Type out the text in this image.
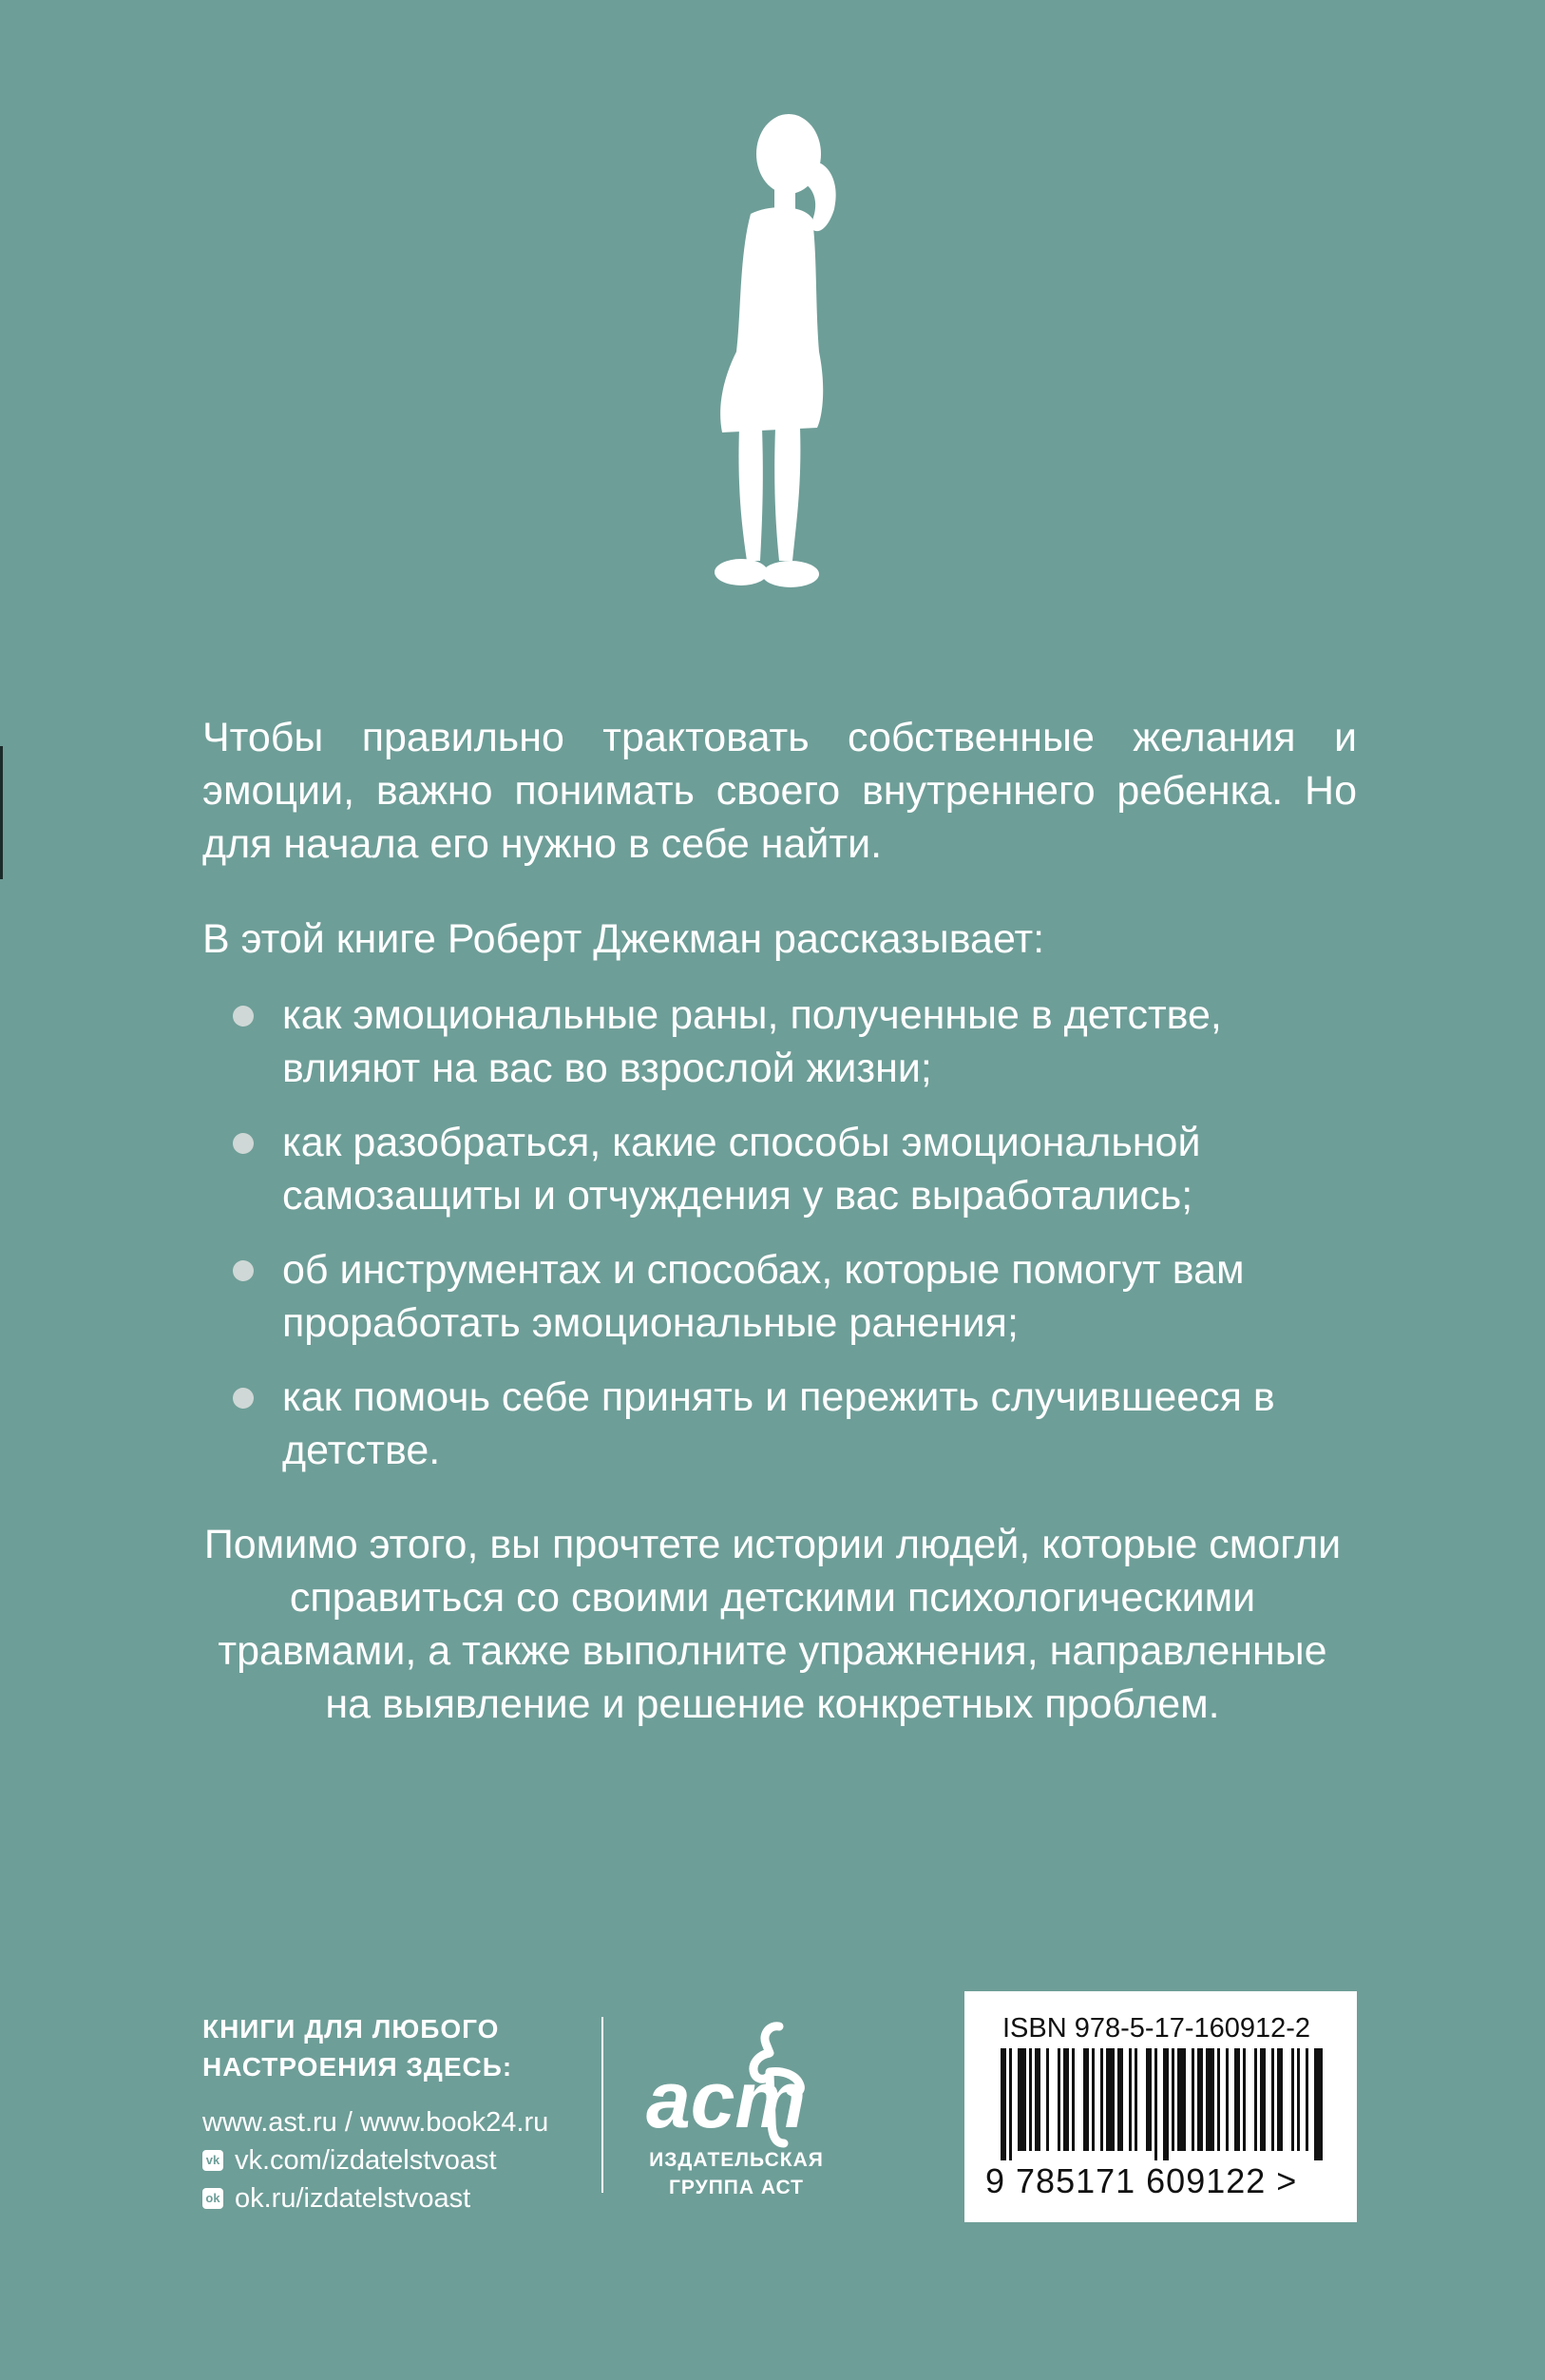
Чтобы правильно трактовать собственные желания и эмоции, важно понимать своего внутреннего ребенка. Но для начала его нужно в себе найти.
В этой книге Роберт Джекман рассказывает:
как эмоциональные раны, полученные в детстве, влияют на вас во взрослой жизни;
как разобраться, какие способы эмоциональной самозащиты и отчуждения у вас выработались;
об инструментах и способах, которые помогут вам проработать эмоциональные ранения;
как помочь себе принять и пережить случившееся в детстве.
Помимо этого, вы прочтете истории людей, которые смогли справиться со своими детскими психологическими травмами, а также выполните упражнения, направленные на выявление и решение конкретных проблем.
КНИГИ ДЛЯ ЛЮБОГО
НАСТРОЕНИЯ ЗДЕСЬ:
www.ast.ru / www.book24.ru
vk vk.com/izdatelstvoast
ok ok.ru/izdatelstvoast
аст
ИЗДАТЕЛЬСКАЯ
ГРУППА АСТ
ISBN 978-5-17-160912-2
9 785171 609122 >
